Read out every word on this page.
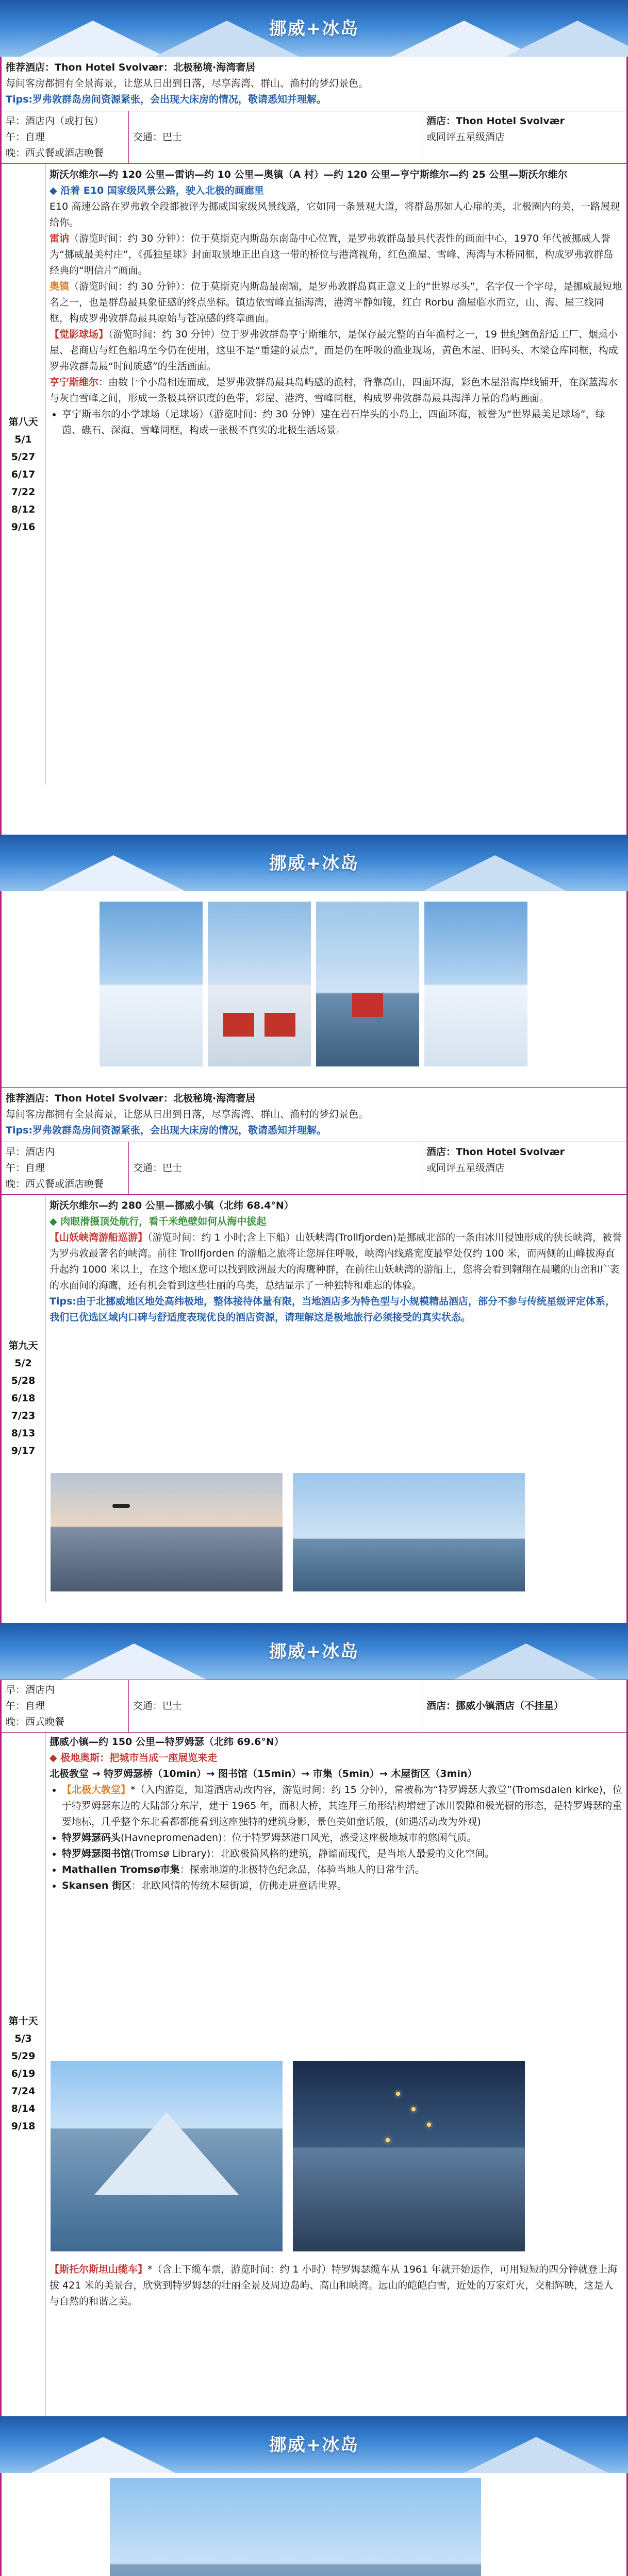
挪威+冰岛
推荐酒店：Thon Hotel Svolvær：北极秘境·海湾奢居
每间客房都拥有全景海景，让您从日出到日落，尽享海湾、群山、渔村的梦幻景色。
Tips:罗弗敦群岛房间资源紧张，会出现大床房的情况，敬请悉知并理解。
早：酒店内（或打包）
午：自理
晚：西式餐或酒店晚餐
交通：巴士
酒店：Thon Hotel Svolvær
或同评五星级酒店
第八天
5/1
5/27
6/17
7/22
8/12
9/16
斯沃尔维尔—约 120 公里—雷讷—约 10 公里—奥镇（A 村）—约 120 公里—亨宁斯维尔—约 25 公里—斯沃尔维尔
◆ 沿着 E10 国家级风景公路，驶入北极的画廊里
E10 高速公路在罗弗敦全段都被评为挪威国家级风景线路，它如同一条景观大道，将群岛那如人心扉的美，北极圈内的美，一路展现给你。
雷讷（游览时间：约 30 分钟）：位于莫斯克内斯岛东南岛中心位置，是罗弗敦群岛最具代表性的画面中心，1970 年代被挪威人誉为“挪威最美村庄”，《孤独星球》封面取景地正出自这一带的桥位与港湾视角，红色渔屋、雪峰、海湾与木桥同框，构成罗弗敦群岛经典的“明信片”画面。
奥镇（游览时间：约 30 分钟）：位于莫斯克内斯岛最南端，是罗弗敦群岛真正意义上的“世界尽头”，名字仅一个字母，是挪威最短地名之一，也是群岛最具象征感的终点坐标。镇边依雪峰直插海湾，港湾平静如镜，红白 Rorbu 渔屋临水而立，山、海、屋三线同框，构成罗弗敦群岛最具原始与苍凉感的终章画面。
【觉影球场】（游览时间：约 30 分钟）位于罗弗敦群岛亨宁斯维尔，是保存最完整的百年渔村之一，19 世纪鳕鱼舒适工厂、烟熏小屋、老商店与红色船坞至今仍在使用，这里不是“重建的景点”，而是仍在呼吸的渔业现场，黄色木屋、旧码头、木梁仓库同框，构成罗弗敦群岛最“时间质感”的生活画面。
亨宁斯维尔：由数十个小岛相连而成，是罗弗敦群岛最具岛屿感的渔村，背靠高山，四面环海，彩色木屋沿海岸线铺开，在深蓝海水与灰白雪峰之间，形成一条极具辨识度的色带，彩屋、港湾、雪峰同框，构成罗弗敦群岛最具海洋力量的岛屿画面。
• 亨宁斯韦尔的小学球场（足球场）（游览时间：约 30 分钟）建在岩石岸头的小岛上，四面环海，被誉为“世界最美足球场”，绿茵、礁石、深海、雪峰同框，构成一张极不真实的北极生活场景。
挪威+冰岛
推荐酒店：Thon Hotel Svolvær：北极秘境·海湾奢居
每间客房都拥有全景海景，让您从日出到日落，尽享海湾、群山、渔村的梦幻景色。
Tips:罗弗敦群岛房间资源紧张，会出现大床房的情况，敬请悉知并理解。
早：酒店内
午：自理
晚：西式餐或酒店晚餐
交通：巴士
酒店：Thon Hotel Svolvær
或同评五星级酒店
第九天
5/2
5/28
6/18
7/23
8/13
9/17
斯沃尔维尔—约 280 公里—挪威小镇（北纬 68.4°N）
◆ 肉眼滑摄顶处航行，看千米绝壁如何从海中拔起
【山妖峡湾游船巡游】（游览时间：约 1 小时;含上下船）山妖峡湾(Trollfjorden)是挪威北部的一条由冰川侵蚀形成的狭长峡湾，被誉为罗弗敦最著名的峡湾。前往 Trollfjorden 的游船之旅将让您屏住呼吸，峡湾内线路宽度最窄处仅约 100 米，而两侧的山峰拔海直升起约 1000 米以上，在这个地区您可以找到欧洲最大的海鹰种群，在前往山妖峡湾的游船上，您将会看到翱翔在晨曦的山峦和广袤的水面间的海鹰，还有机会看到这些壮丽的乌类，总结显示了一种独特和难忘的体验。
Tips:由于北挪威地区地处高纬极地，整体接待体量有限，当地酒店多为特色型与小规模精品酒店，部分不参与传统星级评定体系，我们已优选区域内口碑与舒适度表现优良的酒店资源，请理解这是极地旅行必须接受的真实状态。
挪威+冰岛
早：酒店内
午：自理
晚：西式晚餐
交通：巴士	酒店：挪威小镇酒店（不挂星）
第十天
5/3
5/29
6/19
7/24
8/14
9/18
挪威小镇—约 150 公里—特罗姆瑟（北纬 69.6°N）
◆ 极地奥斯：把城市当成一座展览来走
北极教堂 → 特罗姆瑟桥（10min）→ 图书馆（15min）→ 市集（5min）→ 木屋街区（3min）
• 【北极大教堂】*（入内游览，知道酒店动改内容，游览时间：约 15 分钟），常被称为“特罗姆瑟大教堂”(Tromsdalen kirke)，位于特罗姆瑟东边的大陆部分东岸，建于 1965 年，面积大桥，其连拜三角形结构增建了冰川裂隙和极光橱的形态，是特罗姆瑟的重要地标，几乎整个东北看都都能看到这座独特的建筑身影，景色美如童话般，(如遇活动改为外观)
• 特罗姆瑟码头(Havnepromenaden)：位于特罗姆瑟港口风光，感受这座极地城市的悠闲气质。
• 特罗姆瑟图书馆(Tromsø Library)：北欧极简风格的建筑，静谧而现代，是当地人最爱的文化空间。
• Mathallen Tromsø市集：探索地道的北极特色纪念品，体验当地人的日常生活。
• Skansen 街区：北欧风情的传统木屋街道，仿佛走进童话世界。
【斯托尔斯坦山缆车】*（含上下缆车票，游览时间：约 1 小时）特罗姆瑟缆车从 1961 年就开始运作，可用短短的四分钟就登上海拔 421 米的美景台，欣赏到特罗姆瑟的壮丽全景及周边岛屿、高山和峡湾。远山的皑皑白雪，近处的万家灯火，交相辉映，这是人与自然的和谐之美。
挪威+冰岛
